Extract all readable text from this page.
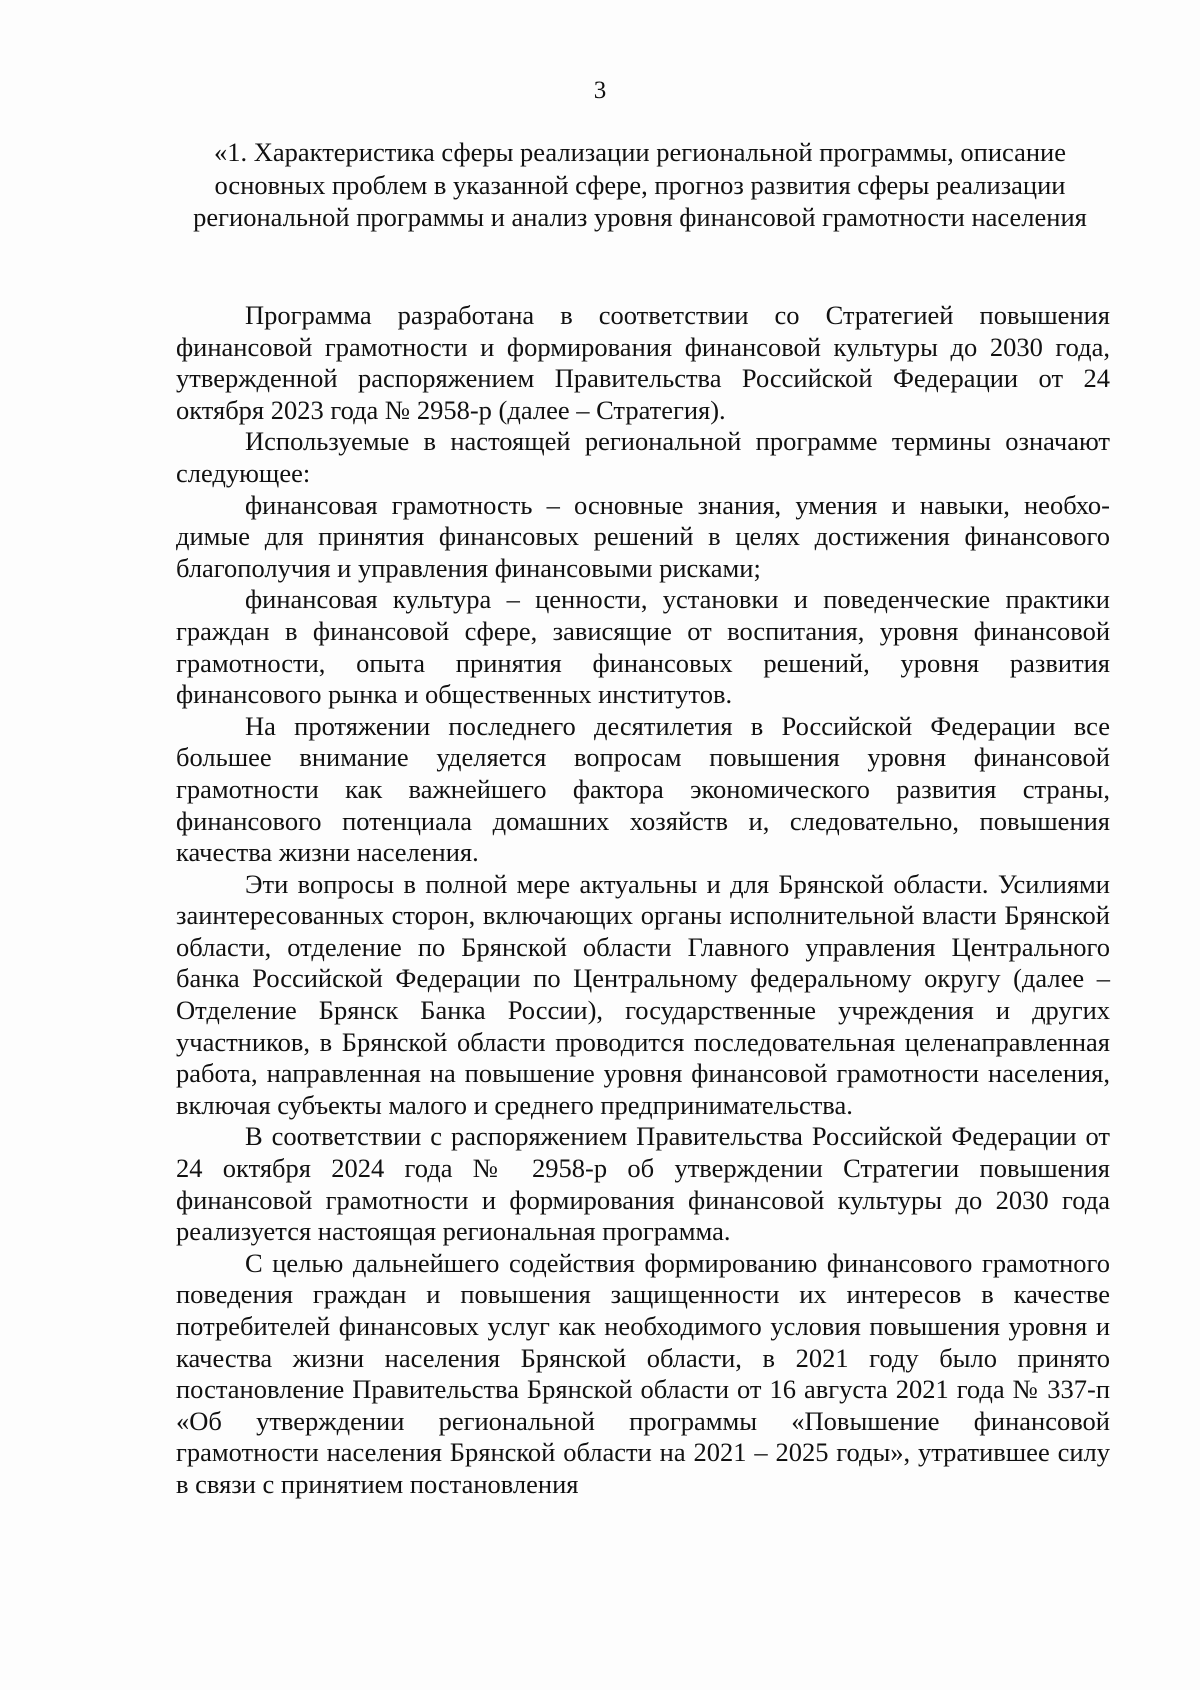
3
«1. Характеристика сферы реализации региональной программы, описание основных проблем в указанной сфере, прогноз развития сферы реализации региональной программы и анализ уровня финансовой грамотности населения

Программа разработана в соответствии со Стратегией повышения финансовой грамотности и формирования финансовой культуры до 2030 года, утвержденной распоряжением Правительства Российской Федерации от 24 октября 2023 года № 2958-р (далее – Стратегия).

Используемые в настоящей региональной программе термины означают следующее:

финансовая грамотность – основные знания, умения и навыки, необходимые для принятия финансовых решений в целях достижения финансового благополучия и управления финансовыми рисками;

финансовая культура – ценности, установки и поведенческие практики граждан в финансовой сфере, зависящие от воспитания, уровня финансовой грамотности, опыта принятия финансовых решений, уровня развития финансового рынка и общественных институтов.

На протяжении последнего десятилетия в Российской Федерации все большее внимание уделяется вопросам повышения уровня финансовой грамотности как важнейшего фактора экономического развития страны, финансового потенциала домашних хозяйств и, следовательно, повышения качества жизни населения.

Эти вопросы в полной мере актуальны и для Брянской области. Усилиями заинтересованных сторон, включающих органы исполнительной власти Брянской области, отделение по Брянской области Главного управления Центрального банка Российской Федерации по Центральному федеральному округу (далее – Отделение Брянск Банка России), государственные учреждения и других участников, в Брянской области проводится последовательная целенаправленная работа, направленная на повышение уровня финансовой грамотности населения, включая субъекты малого и среднего предпринимательства.

В соответствии с распоряжением Правительства Российской Федерации от 24 октября 2024 года № 2958-р об утверждении Стратегии повышения финансовой грамотности и формирования финансовой культуры до 2030 года реализуется настоящая региональная программа.

С целью дальнейшего содействия формированию финансового грамотного поведения граждан и повышения защищенности их интересов в качестве потребителей финансовых услуг как необходимого условия повышения уровня и качества жизни населения Брянской области, в 2021 году было принято постановление Правительства Брянской области от 16 августа 2021 года № 337-п «Об утверждении региональной программы «Повышение финансовой грамотности населения Брянской области на 2021 – 2025 годы», утратившее силу в связи с принятием постановления
